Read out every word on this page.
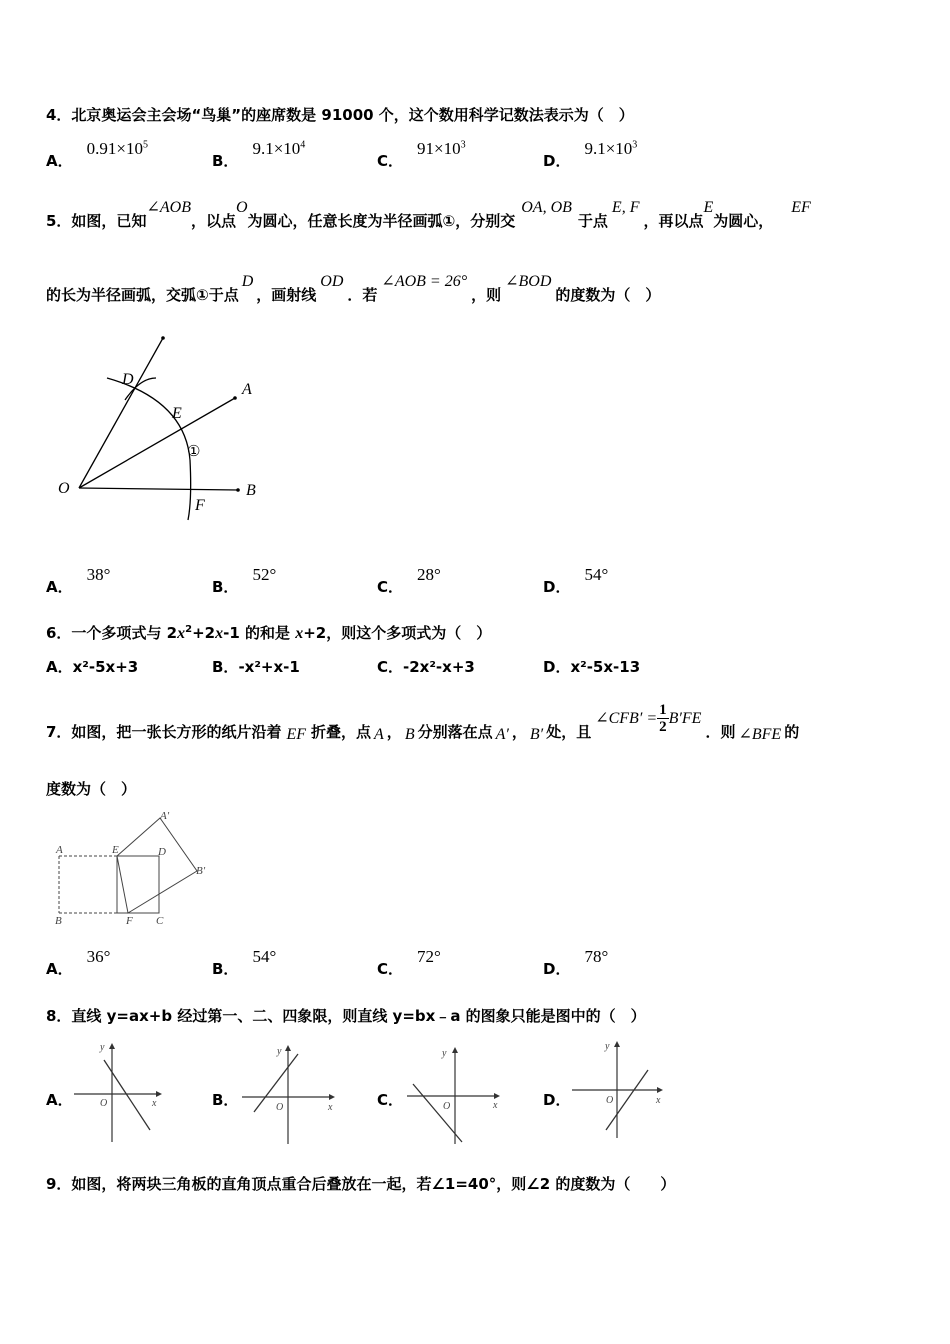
4．北京奥运会主会场“鸟巢”的座席数是 91000 个，这个数用科学记数法表示为（　）
A．$0.91\times 10^5$
B．$9.1\times 10^4$
C．$91\times 10^3$
D．$9.1\times 10^3$
5．如图，已知∠AOB，以点O为圆心，任意长度为半径画弧①，分别交OA, OB于点E, F，再以点E为圆心，EF
的长为半径画弧，交弧①于点D，画射线OD．若∠AOB = 26°，则∠BOD的度数为（　）
D
E
A
①
O	B
F
A．38°
B．52°
C．28°
D．54°
6．一个多项式与 $2x^2+2x-1$ 的和是 x+2，则这个多项式为（　）
A．x²-5x+3	B．-x²+x-1	C．-2x²-x+3	D．x²-5x-13
7．如图，把一张长方形的纸片沿着 EF 折叠，点 A ， B 分别落在点 A′ ， B′ 处，且∠CFB′ = $\frac{1}{2} B'FE$．则 ∠BFE 的
度数为（　）
A	E	D
A′
B′
B	F C
A．36°
B．54°
C．72°
D．78°
8．直线 y=ax+b 经过第一、二、四象限，则直线 y=bx﹣a 的图象只能是图中的（　）
A．	B．	C．	D．
y
x
O
y
x
O
y
x
O
y
x
O
9．如图，将两块三角板的直角顶点重合后叠放在一起，若∠1=40°，则∠2 的度数为（　　）
